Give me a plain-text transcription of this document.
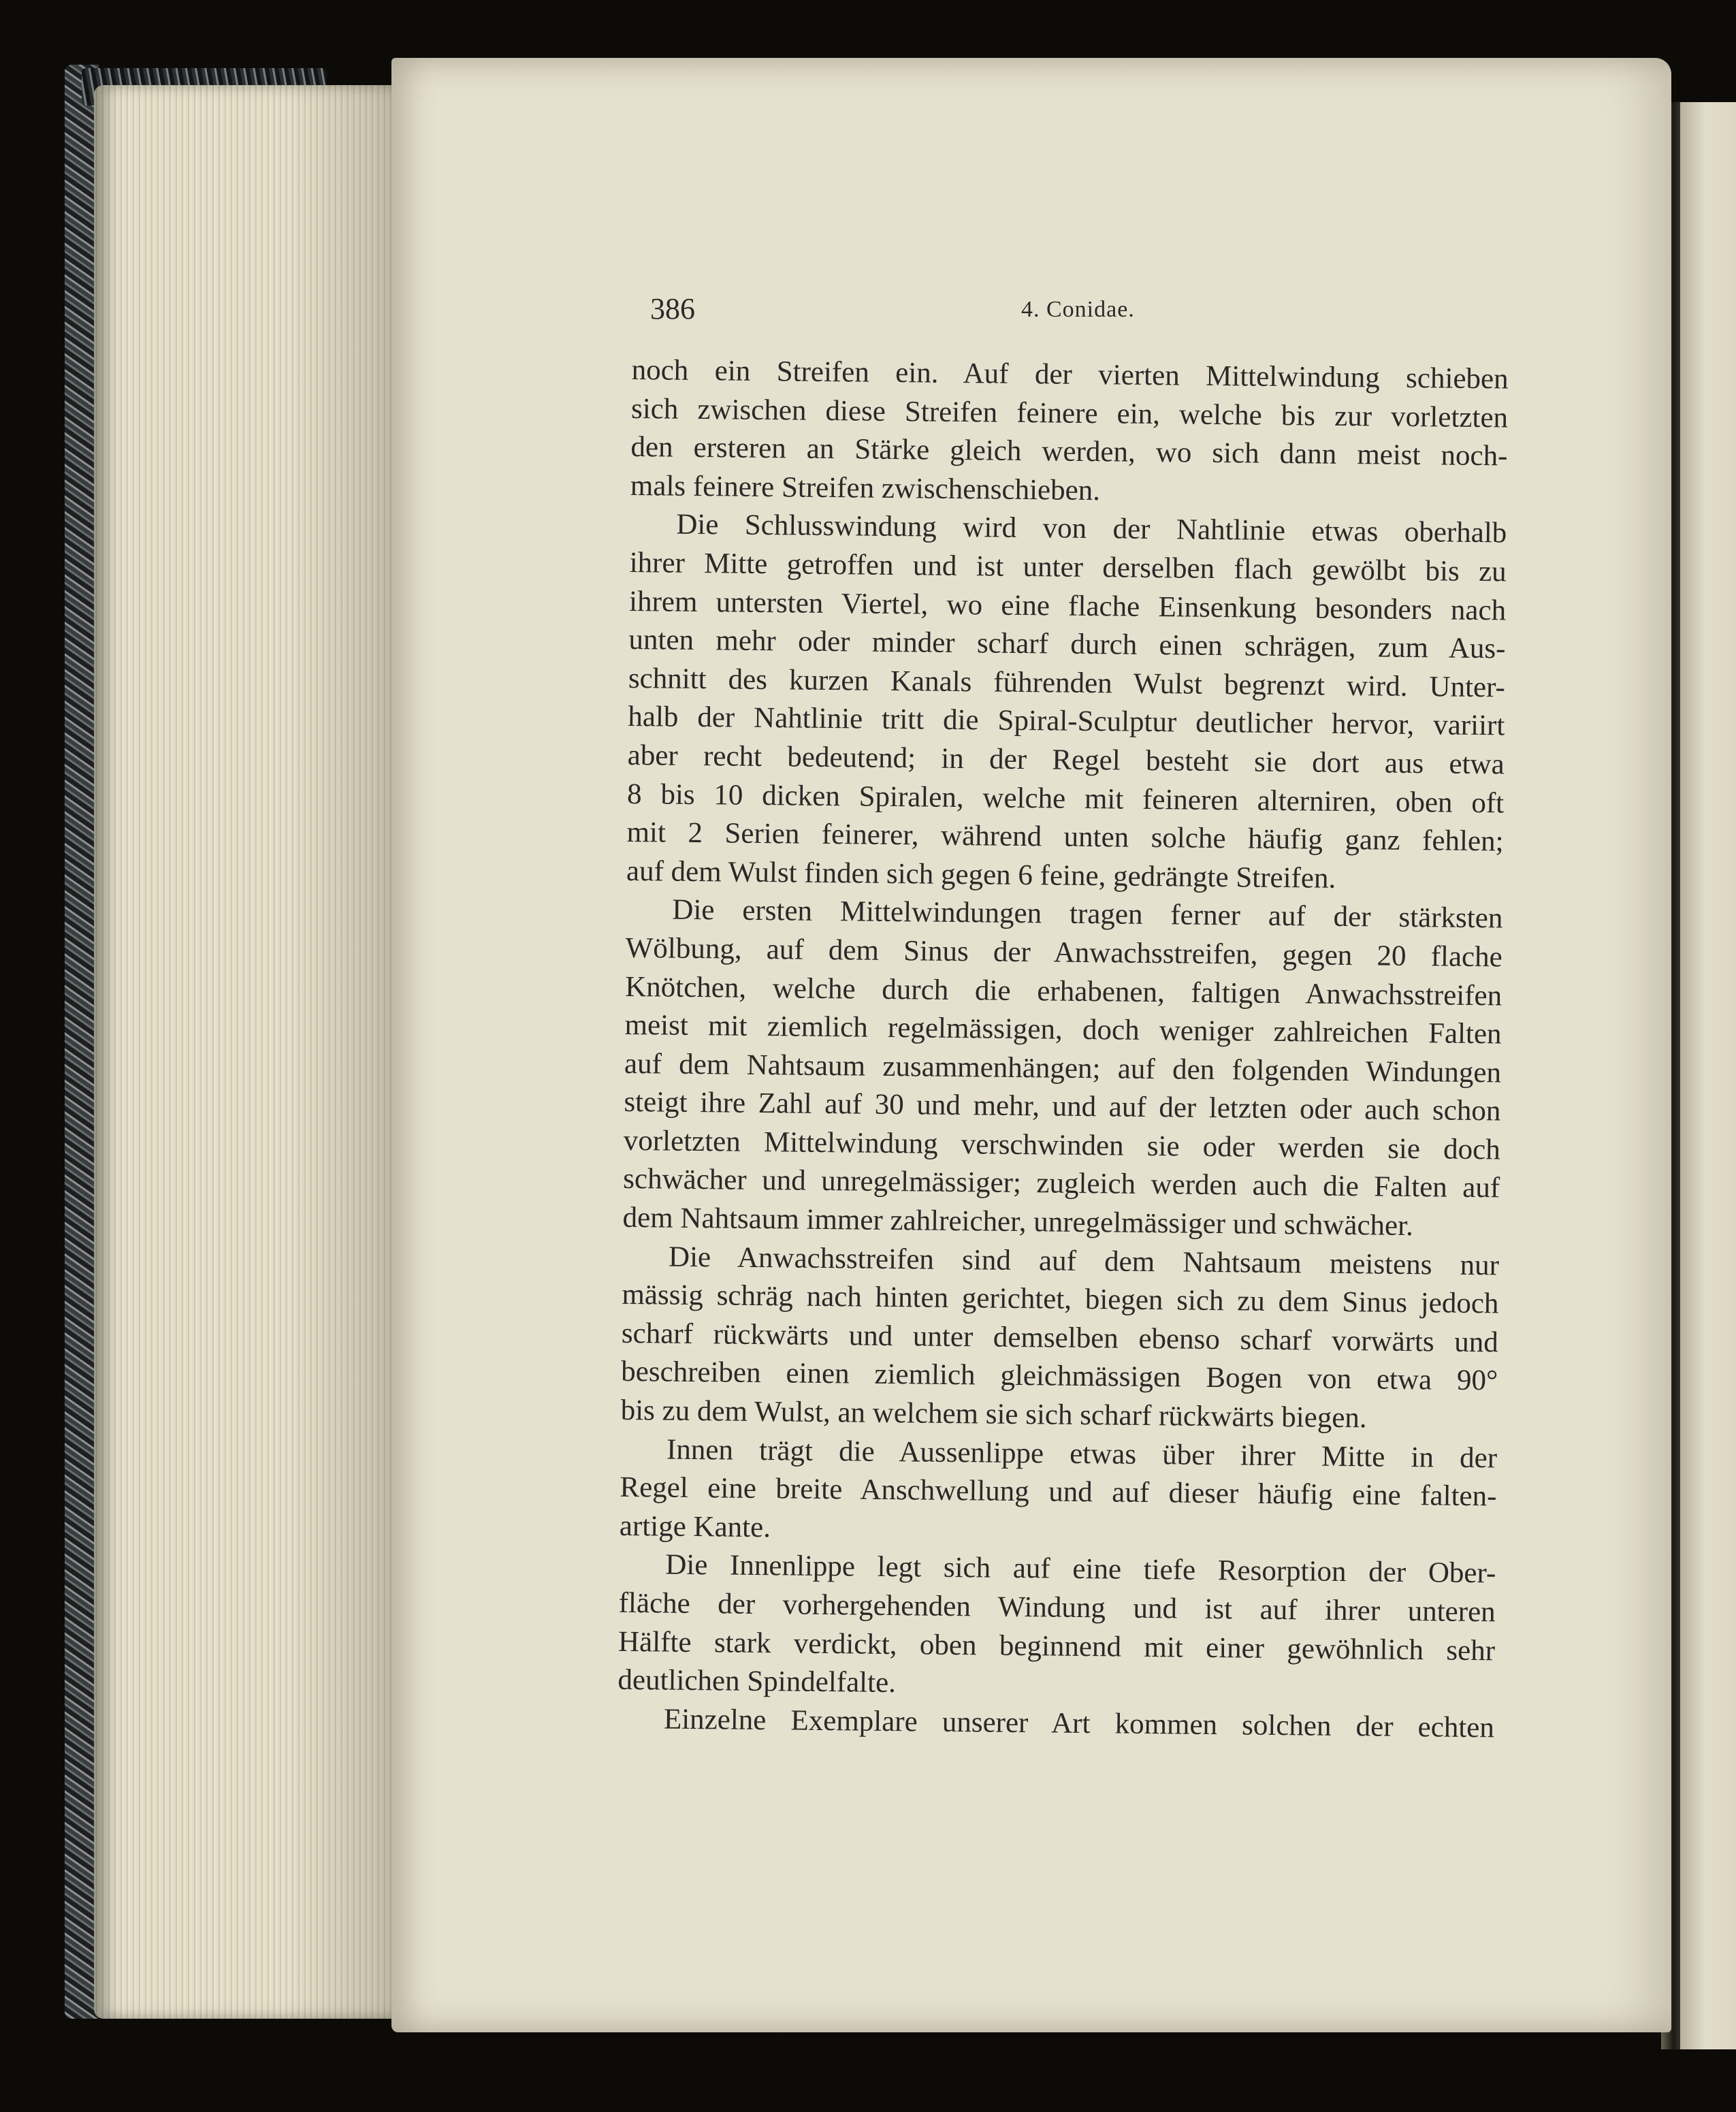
386	4. Conidae.
noch ein Streifen ein. Auf der vierten Mittelwindung schieben
sich zwischen diese Streifen feinere ein, welche bis zur vorletzten
den ersteren an Stärke gleich werden, wo sich dann meist noch-
mals feinere Streifen zwischenschieben.
Die Schlusswindung wird von der Nahtlinie etwas oberhalb
ihrer Mitte getroffen und ist unter derselben flach gewölbt bis zu
ihrem untersten Viertel, wo eine flache Einsenkung besonders nach
unten mehr oder minder scharf durch einen schrägen, zum Aus-
schnitt des kurzen Kanals führenden Wulst begrenzt wird. Unter-
halb der Nahtlinie tritt die Spiral-Sculptur deutlicher hervor, variirt
aber recht bedeutend; in der Regel besteht sie dort aus etwa
8 bis 10 dicken Spiralen, welche mit feineren alterniren, oben oft
mit 2 Serien feinerer, während unten solche häufig ganz fehlen;
auf dem Wulst finden sich gegen 6 feine, gedrängte Streifen.
Die ersten Mittelwindungen tragen ferner auf der stärksten
Wölbung, auf dem Sinus der Anwachsstreifen, gegen 20 flache
Knötchen, welche durch die erhabenen, faltigen Anwachsstreifen
meist mit ziemlich regelmässigen, doch weniger zahlreichen Falten
auf dem Nahtsaum zusammenhängen; auf den folgenden Windungen
steigt ihre Zahl auf 30 und mehr, und auf der letzten oder auch schon
vorletzten Mittelwindung verschwinden sie oder werden sie doch
schwächer und unregelmässiger; zugleich werden auch die Falten auf
dem Nahtsaum immer zahlreicher, unregelmässiger und schwächer.
Die Anwachsstreifen sind auf dem Nahtsaum meistens nur
mässig schräg nach hinten gerichtet, biegen sich zu dem Sinus jedoch
scharf rückwärts und unter demselben ebenso scharf vorwärts und
beschreiben einen ziemlich gleichmässigen Bogen von etwa 90°
bis zu dem Wulst, an welchem sie sich scharf rückwärts biegen.
Innen trägt die Aussenlippe etwas über ihrer Mitte in der
Regel eine breite Anschwellung und auf dieser häufig eine falten-
artige Kante.
Die Innenlippe legt sich auf eine tiefe Resorption der Ober-
fläche der vorhergehenden Windung und ist auf ihrer unteren
Hälfte stark verdickt, oben beginnend mit einer gewöhnlich sehr
deutlichen Spindelfalte.
Einzelne Exemplare unserer Art kommen solchen der echten
